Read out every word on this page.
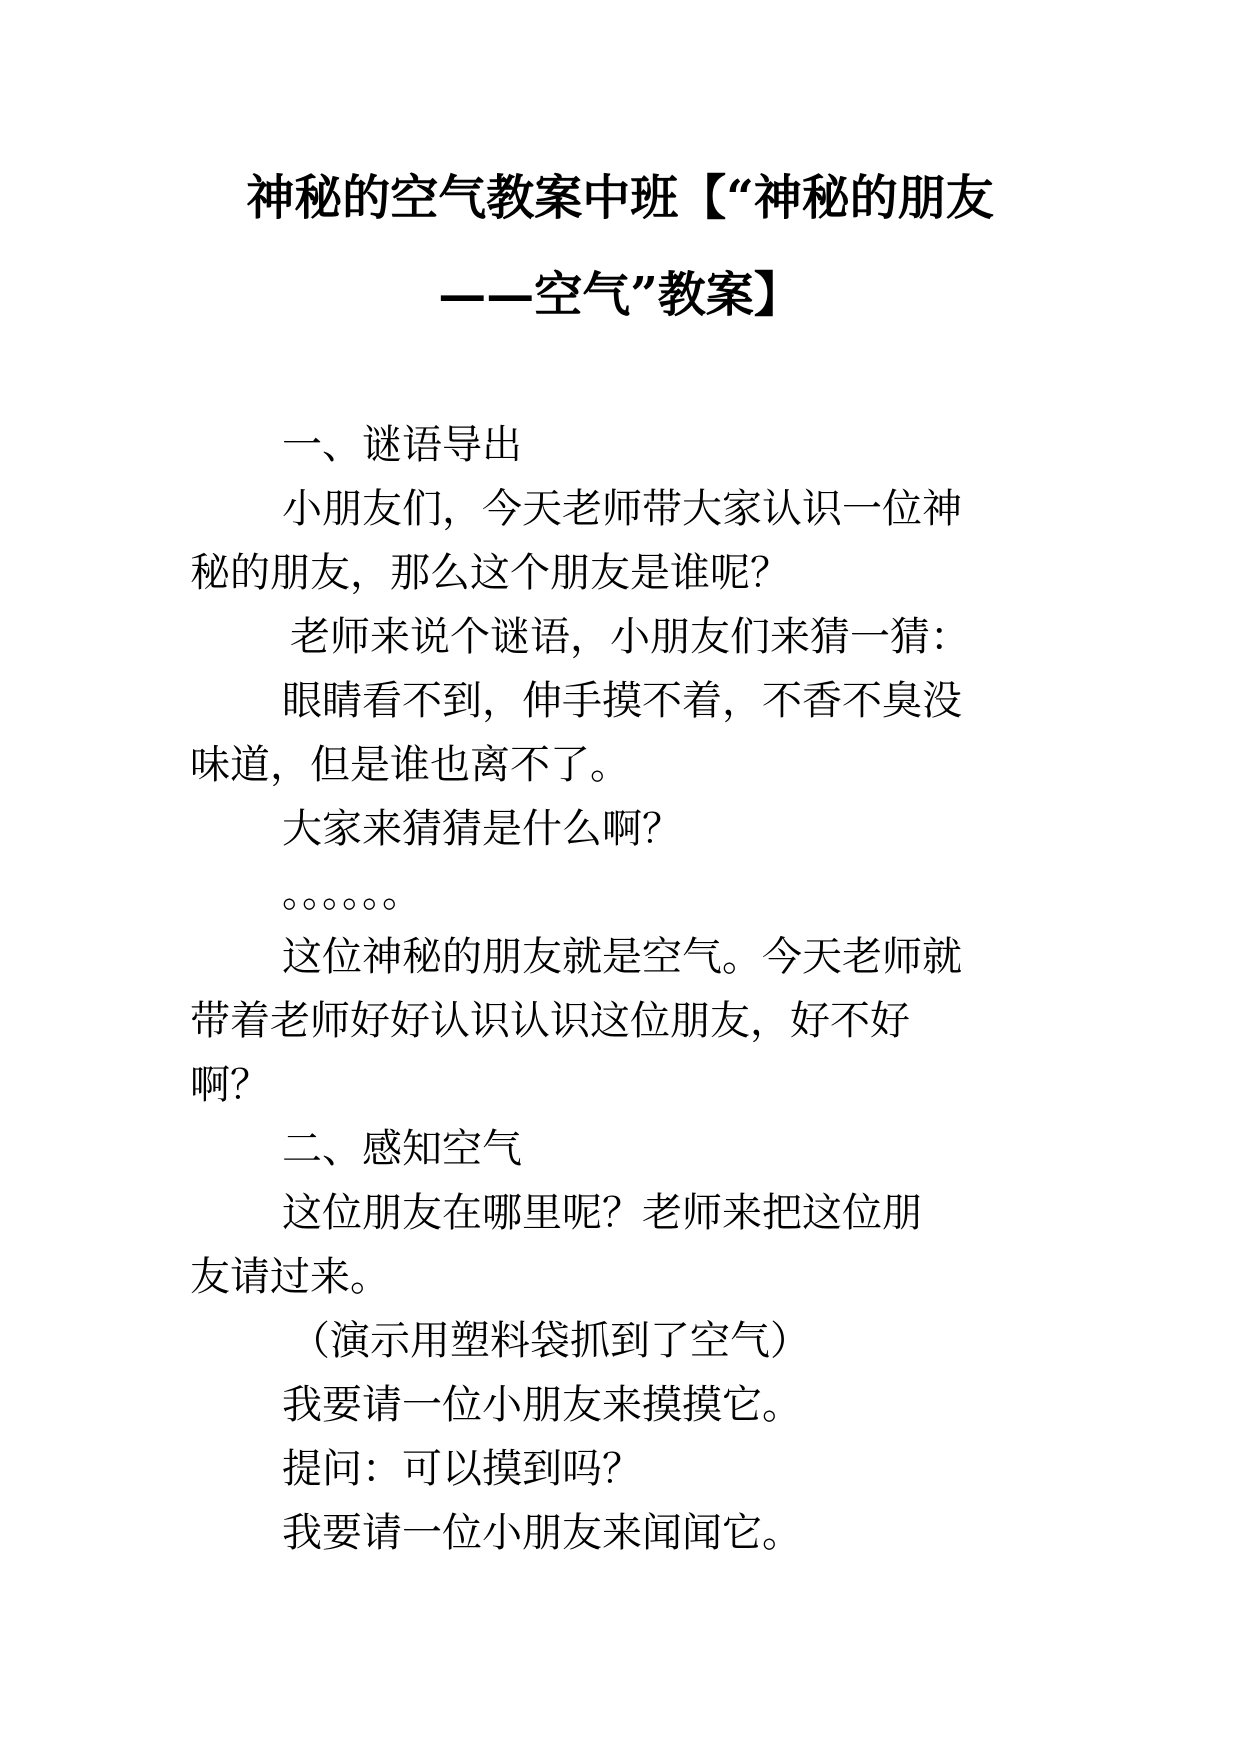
神秘的空气教案中班【“神秘的朋友
——空气”教案】
一、谜语导出
小朋友们，今天老师带大家认识一位神
秘的朋友，那么这个朋友是谁呢？
老师来说个谜语，小朋友们来猜一猜：
眼睛看不到，伸手摸不着，不香不臭没
味道，但是谁也离不了。
大家来猜猜是什么啊？
。。。。。。
这位神秘的朋友就是空气。今天老师就
带着老师好好认识认识这位朋友，好不好
啊？
二、感知空气
这位朋友在哪里呢？老师来把这位朋
友请过来。
（演示用塑料袋抓到了空气）
我要请一位小朋友来摸摸它。
提问：可以摸到吗？
我要请一位小朋友来闻闻它。
